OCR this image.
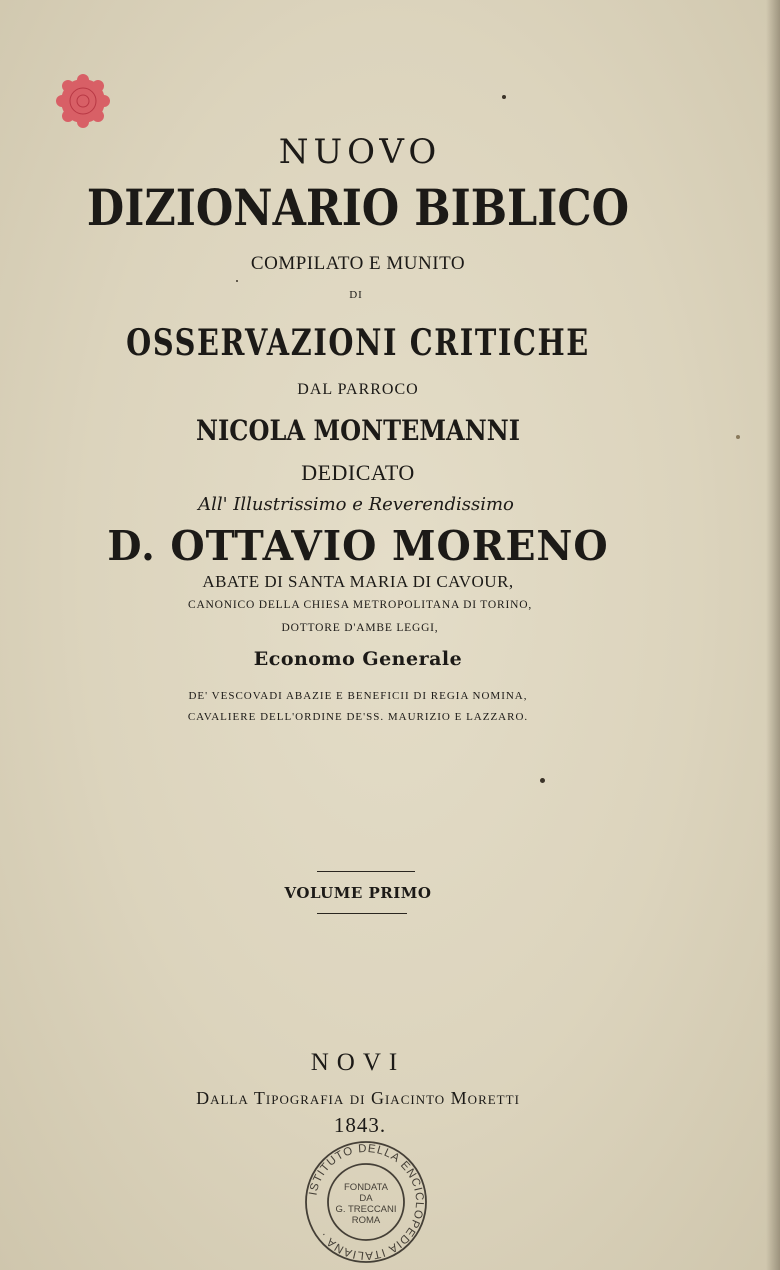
NUOVO
DIZIONARIO BIBLICO
COMPILATO E MUNITO
DI
OSSERVAZIONI CRITICHE
DAL PARROCO
NICOLA MONTEMANNI
DEDICATO
All' Illustrissimo e Reverendissimo
D. OTTAVIO MORENO
ABATE DI SANTA MARIA DI CAVOUR,
CANONICO DELLA CHIESA METROPOLITANA DI TORINO,
DOTTORE D'AMBE LEGGI,
Economo Generale
DE' VESCOVADI ABAZIE E BENEFICII DI REGIA NOMINA,
CAVALIERE DELL'ORDINE DE'SS. MAURIZIO E LAZZARO.
VOLUME PRIMO
NOVI
Dalla Tipografia di Giacinto Moretti
1843.
ISTITUTO DELLA ENCICLOPEDIA ITALIANA ·
FONDATA
DA
G. TRECCANI
ROMA
